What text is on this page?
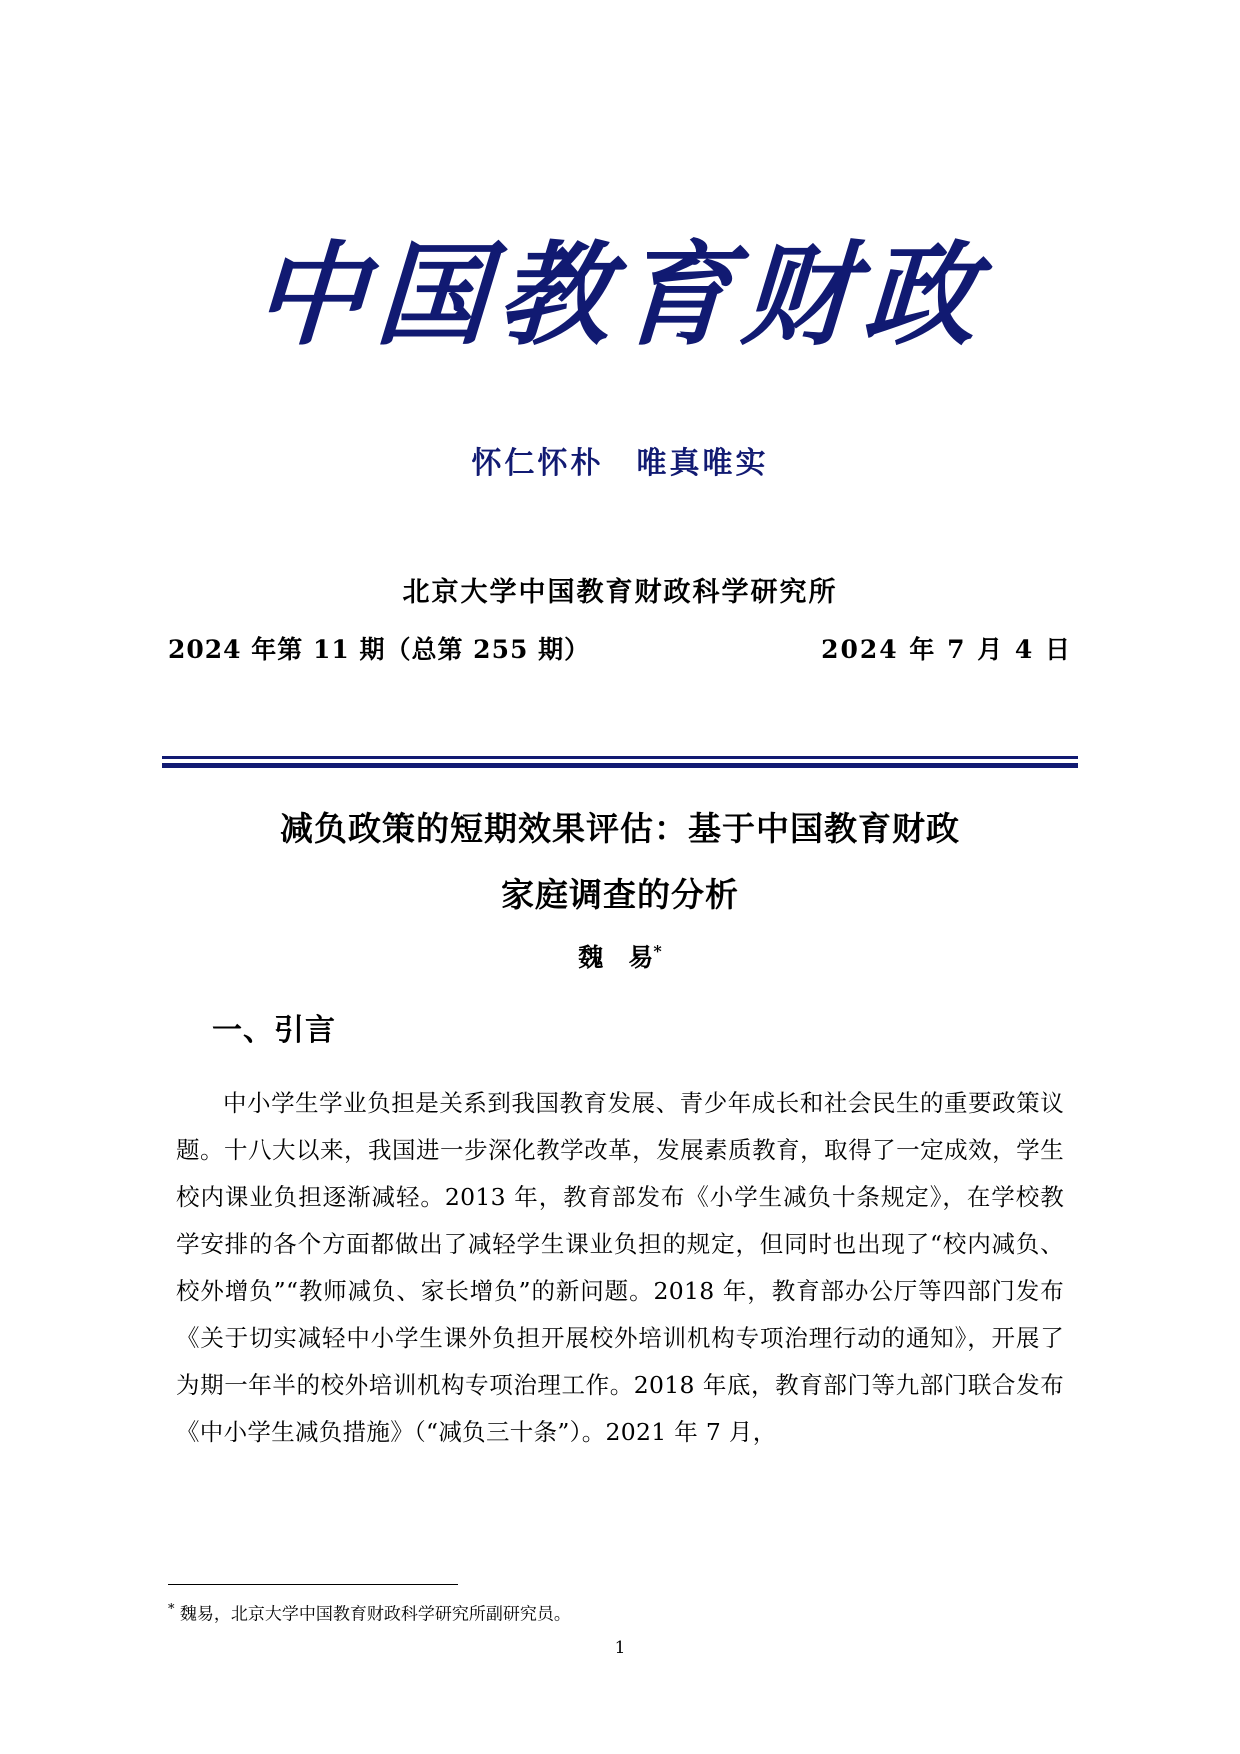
中国教育财政
怀仁怀朴　唯真唯实
北京大学中国教育财政科学研究所
2024 年第 11 期（总第 255 期）	2024 年 7 月 4 日
减负政策的短期效果评估：基于中国教育财政
家庭调查的分析
魏　易*
一、引言

中小学生学业负担是关系到我国教育发展、青少年成长和社会民生的重要政策议题。十八大以来，我国进一步深化教学改革，发展素质教育，取得了一定成效，学生校内课业负担逐渐减轻。2013 年，教育部发布《小学生减负十条规定》，在学校教学安排的各个方面都做出了减轻学生课业负担的规定，但同时也出现了“校内减负、校外增负”“教师减负、家长增负”的新问题。2018 年，教育部办公厅等四部门发布《关于切实减轻中小学生课外负担开展校外培训机构专项治理行动的通知》，开展了为期一年半的校外培训机构专项治理工作。2018 年底，教育部门等九部门联合发布《中小学生减负措施》（“减负三十条”）。2021 年 7 月，

* 魏易，北京大学中国教育财政科学研究所副研究员。
1
